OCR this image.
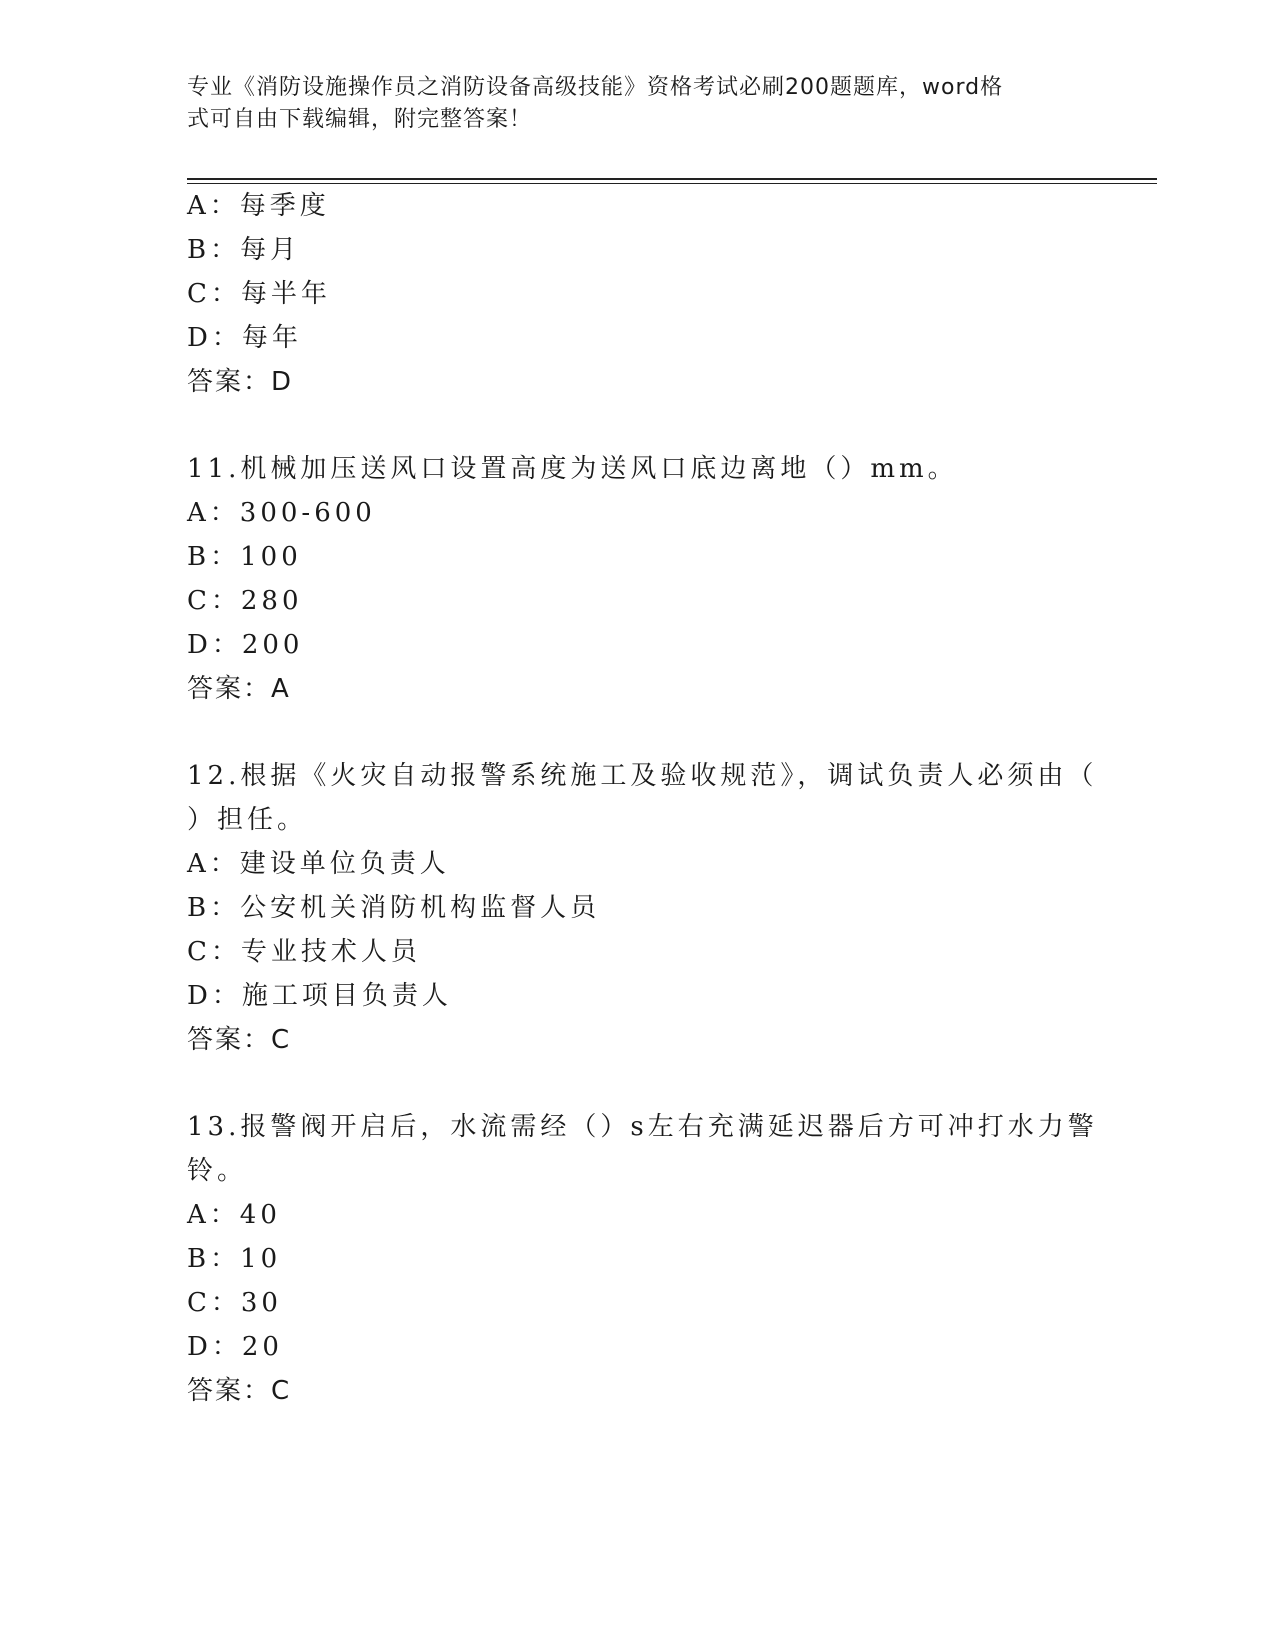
专业《消防设施操作员之消防设备高级技能》资格考试必刷200题题库，word格
式可自由下载编辑，附完整答案！
A：每季度
B：每月
C：每半年
D：每年
答案：D
11.机械加压送风口设置高度为送风口底边离地（）mm。
A：300-600
B：100
C：280
D：200
答案：A
12.根据《火灾自动报警系统施工及验收规范》，调试负责人必须由（
）担任。
A：建设单位负责人
B：公安机关消防机构监督人员
C：专业技术人员
D：施工项目负责人
答案：C
13.报警阀开启后，水流需经（）s左右充满延迟器后方可冲打水力警
铃。
A：40
B：10
C：30
D：20
答案：C
